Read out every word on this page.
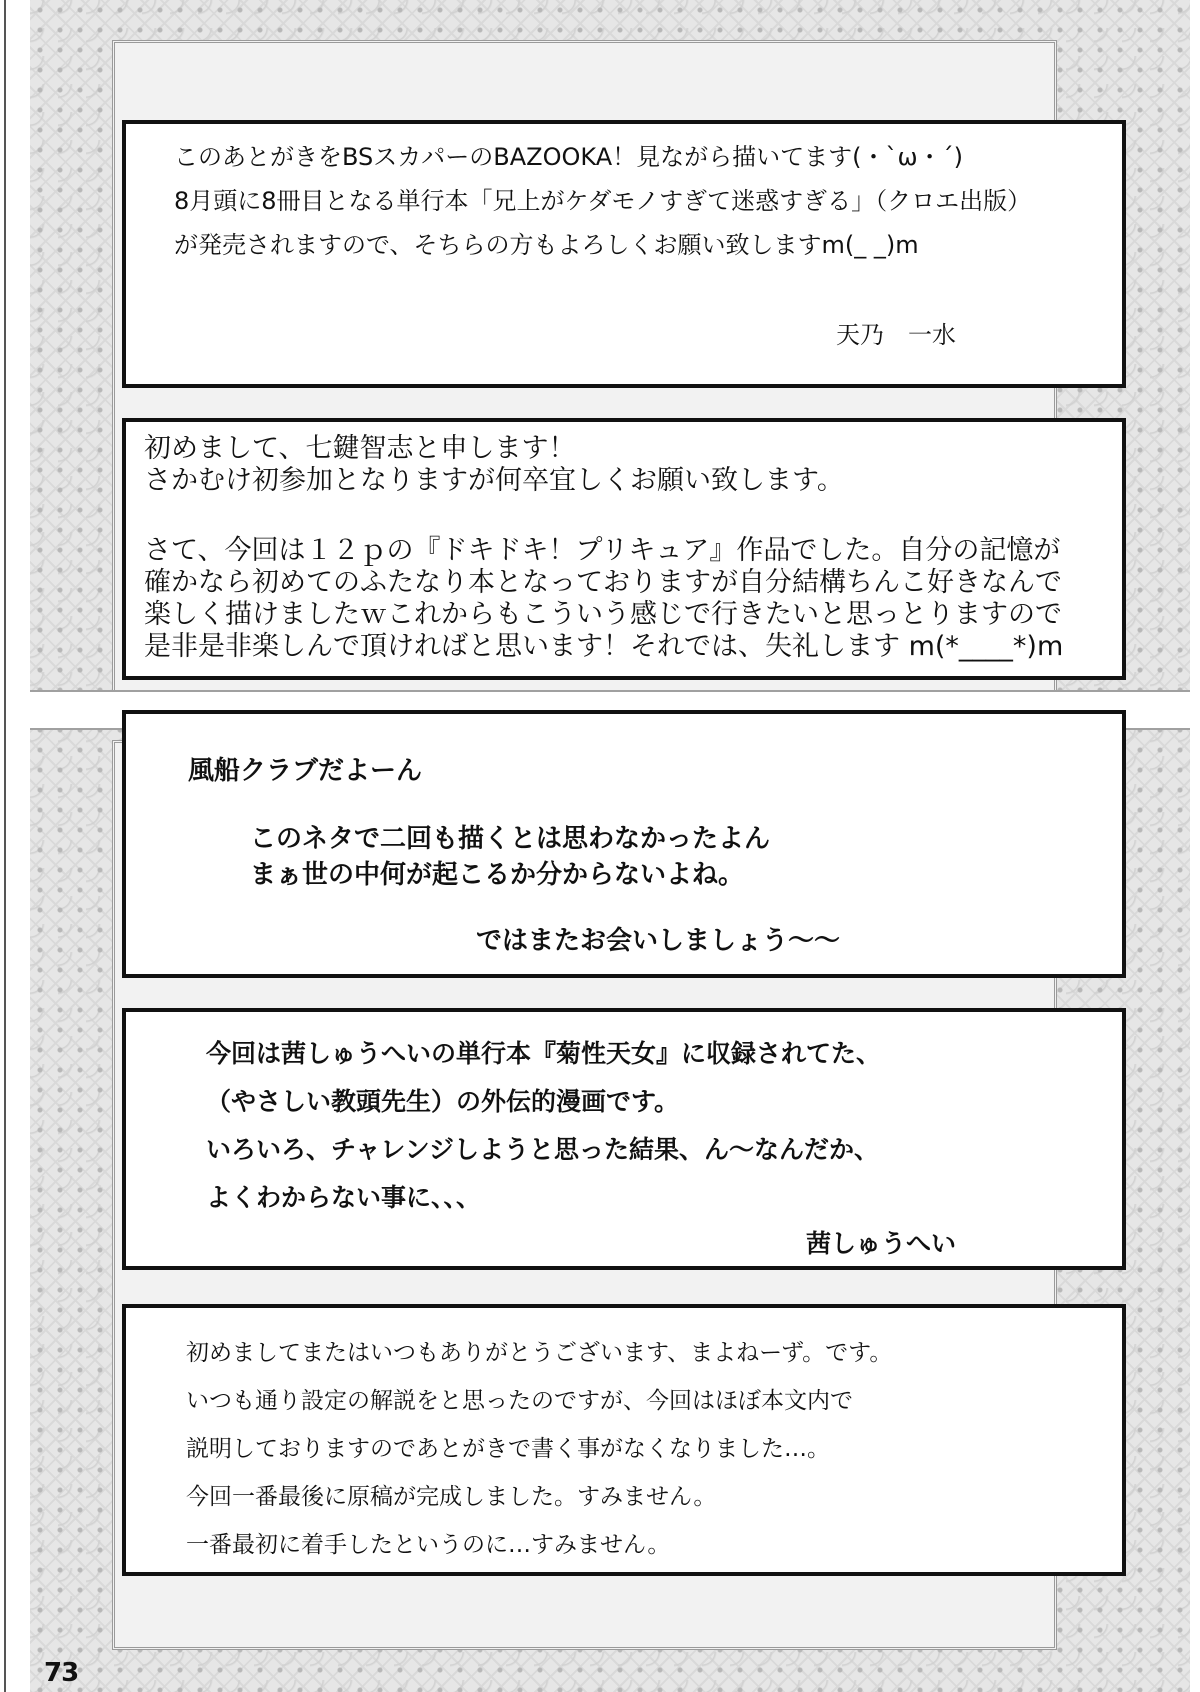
このあとがきをBSスカパーのBAZOOKA！見ながら描いてます(・`ω・´)

8月頭に8冊目となる単行本「兄上がケダモノすぎて迷惑すぎる」（クロエ出版）

が発売されますので、そちらの方もよろしくお願い致しますm(_ _)m

天乃　一水

初めまして、七鍵智志と申します！

さかむけ初参加となりますが何卒宜しくお願い致します。

さて、今回は１２ｐの『ドキドキ！プリキュア』作品でした。自分の記憶が

確かなら初めてのふたなり本となっておりますが自分結構ちんこ好きなんで

楽しく描けましたｗこれからもこういう感じで行きたいと思っとりますので

是非是非楽しんで頂ければと思います！それでは、失礼します m(*____*)m

風船クラブだよーん

このネタで二回も描くとは思わなかったよん

まぁ世の中何が起こるか分からないよね。

ではまたお会いしましょう〜〜

今回は茜しゅうへいの単行本『菊性天女』に収録されてた、

（やさしい教頭先生）の外伝的漫画です。

いろいろ、チャレンジしようと思った結果、ん〜なんだか、

よくわからない事に、、、

茜しゅうへい

初めましてまたはいつもありがとうございます、まよねーず。です。

いつも通り設定の解説をと思ったのですが、今回はほぼ本文内で

説明しておりますのであとがきで書く事がなくなりました…。

今回一番最後に原稿が完成しました。すみません。

一番最初に着手したというのに…すみません。

73
